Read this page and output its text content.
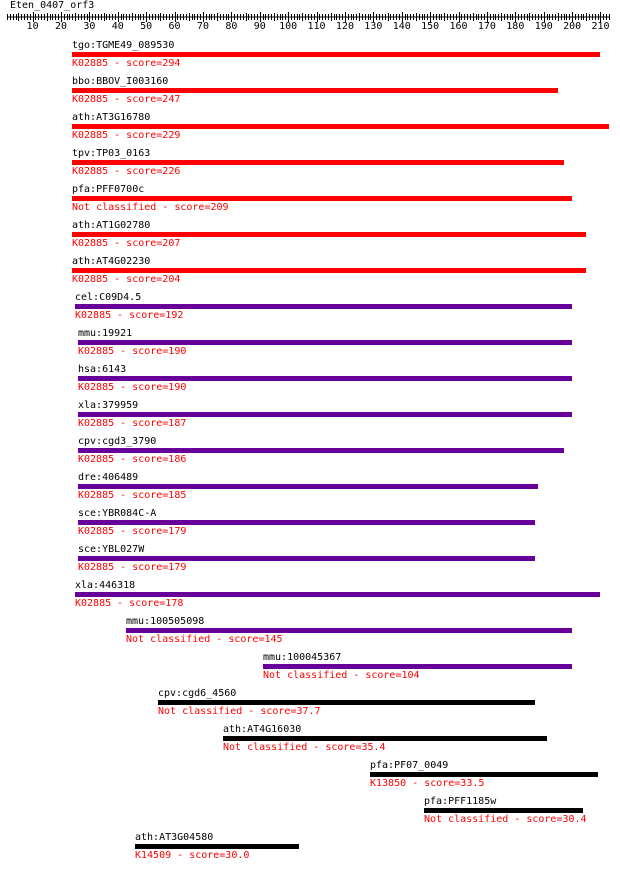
Eten_0407_orf3
10 20 30 40 50 60 70 80 90 100 110 120 130 140 150 160 170 180 190 200 210
tgo:TGME49_089530
K02885 - score=294
bbo:BBOV_I003160
K02885 - score=247
ath:AT3G16780
K02885 - score=229
tpv:TP03_0163
K02885 - score=226
pfa:PFF0700c
Not classified - score=209
ath:AT1G02780
K02885 - score=207
ath:AT4G02230
K02885 - score=204
cel:C09D4.5
K02885 - score=192
mmu:19921
K02885 - score=190
hsa:6143
K02885 - score=190
xla:379959
K02885 - score=187
cpv:cgd3_3790
K02885 - score=186
dre:406489
K02885 - score=185
sce:YBR084C-A
K02885 - score=179
sce:YBL027W
K02885 - score=179
xla:446318
K02885 - score=178
mmu:100505098
Not classified - score=145
mmu:100045367
Not classified - score=104
cpv:cgd6_4560
Not classified - score=37.7
ath:AT4G16030
Not classified - score=35.4
pfa:PF07_0049
K13850 - score=33.5
pfa:PFF1185w
Not classified - score=30.4
ath:AT3G04580
K14509 - score=30.0
